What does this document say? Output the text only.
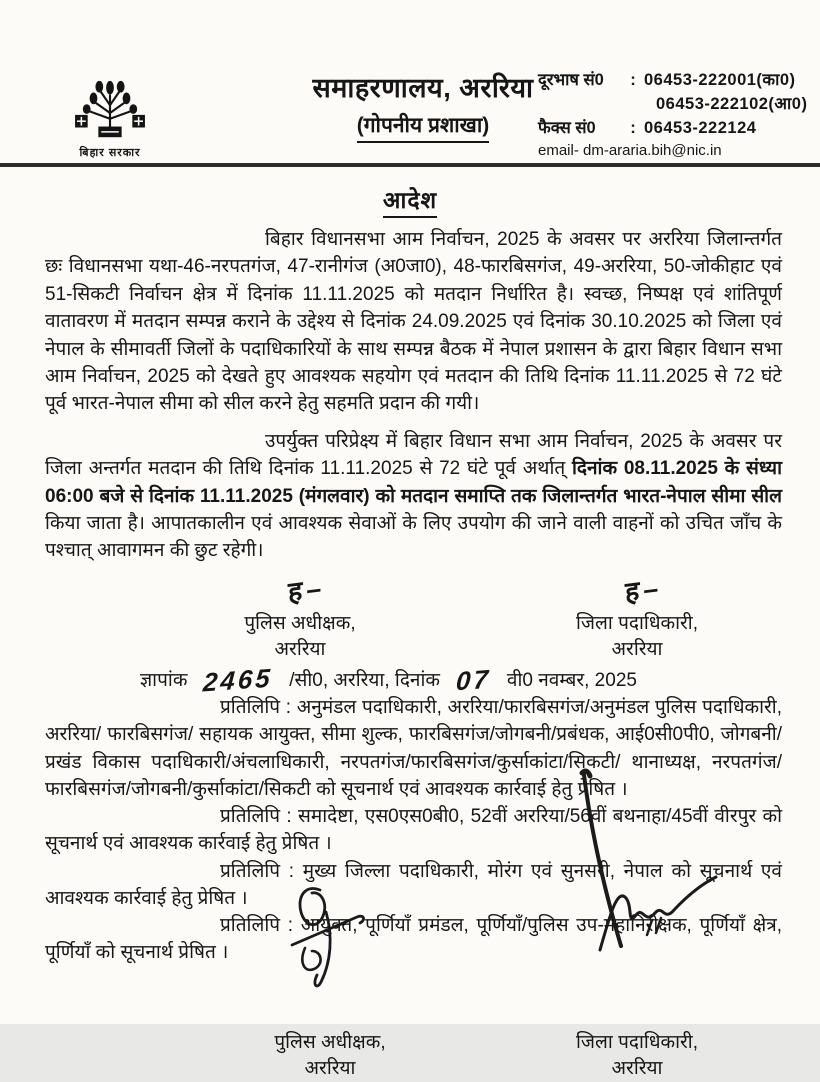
बिहार सरकार
समाहरणालय, अररिया
(गोपनीय प्रशाखा)
दूरभाष सं0	: 06453-222001(का0)
06453-222102(आ0)
फैक्स सं0	: 06453-222124
email- dm-araria.bih@nic.in
आदेश

बिहार विधानसभा आम निर्वाचन, 2025 के अवसर पर अररिया जिलान्तर्गत छः विधानसभा यथा-46-नरपतगंज, 47-रानीगंज (अ0जा0), 48-फारबिसगंज, 49-अररिया, 50-जोकीहाट एवं 51-सिकटी निर्वाचन क्षेत्र में दिनांक 11.11.2025 को मतदान निर्धारित है। स्वच्छ, निष्पक्ष एवं शांतिपूर्ण वातावरण में मतदान सम्पन्न कराने के उद्देश्य से दिनांक 24.09.2025 एवं दिनांक 30.10.2025 को जिला एवं नेपाल के सीमावर्ती जिलों के पदाधिकारियों के साथ सम्पन्न बैठक में नेपाल प्रशासन के द्वारा बिहार विधान सभा आम निर्वाचन, 2025 को देखते हुए आवश्यक सहयोग एवं मतदान की तिथि दिनांक 11.11.2025 से 72 घंटे पूर्व भारत-नेपाल सीमा को सील करने हेतु सहमति प्रदान की गयी।

उपर्युक्त परिप्रेक्ष्य में बिहार विधान सभा आम निर्वाचन, 2025 के अवसर पर जिला अन्तर्गत मतदान की तिथि दिनांक 11.11.2025 से 72 घंटे पूर्व अर्थात् दिनांक 08.11.2025 के संध्या 06:00 बजे से दिनांक 11.11.2025 (मंगलवार) को मतदान समाप्ति तक जिलान्तर्गत भारत-नेपाल सीमा सील किया जाता है। आपातकालीन एवं आवश्यक सेवाओं के लिए उपयोग की जाने वाली वाहनों को उचित जाँच के पश्चात् आवागमन की छुट रहेगी।

ह–
पुलिस अधीक्षक,
अररिया
ह–
जिला पदाधिकारी,
अररिया
ज्ञापांक 2465 /सी0, अररिया, दिनांक 07 वी0 नवम्बर, 2025

प्रतिलिपि : अनुमंडल पदाधिकारी, अररिया/फारबिसगंज/अनुमंडल पुलिस पदाधिकारी, अररिया/ फारबिसगंज/ सहायक आयुक्त, सीमा शुल्क, फारबिसगंज/जोगबनी/प्रबंधक, आई0सी0पी0, जोगबनी/ प्रखंड विकास पदाधिकारी/अंचलाधिकारी, नरपतगंज/फारबिसगंज/कुर्साकांटा/सिकटी/ थानाध्यक्ष, नरपतगंज/फारबिसगंज/जोगबनी/कुर्साकांटा/सिकटी को सूचनार्थ एवं आवश्यक कार्रवाई हेतु प्रेषित ।

प्रतिलिपि : समादेष्टा, एस0एस0बी0, 52वीं अररिया/56वीं बथनाहा/45वीं वीरपुर को सूचनार्थ एवं आवश्यक कार्रवाई हेतु प्रेषित ।

प्रतिलिपि : मुख्य जिल्ला पदाधिकारी, मोरंग एवं सुनसरी, नेपाल को सूचनार्थ एवं आवश्यक कार्रवाई हेतु प्रेषित ।

प्रतिलिपि : आयुक्त, पूर्णियाँ प्रमंडल, पूर्णियाँ/पुलिस उप-महानिरीक्षक, पूर्णियाँ क्षेत्र, पूर्णियाँ को सूचनार्थ प्रेषित ।

पुलिस अधीक्षक,
अररिया
जिला पदाधिकारी,
अररिया
